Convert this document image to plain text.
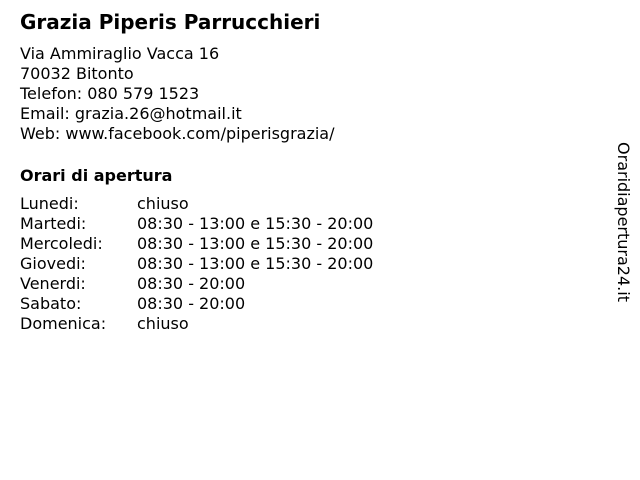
Grazia Piperis Parrucchieri
Via Ammiraglio Vacca 16
70032 Bitonto
Telefon: 080 579 1523
Email: grazia.26@hotmail.it
Web: www.facebook.com/piperisgrazia/
Orari di apertura
Lunedi:	chiuso
Martedi:	08:30 - 13:00 e 15:30 - 20:00
Mercoledi:	08:30 - 13:00 e 15:30 - 20:00
Giovedi:	08:30 - 13:00 e 15:30 - 20:00
Venerdi:	08:30 - 20:00
Sabato:	08:30 - 20:00
Domenica:	chiuso
Oraridiapertura24.it
